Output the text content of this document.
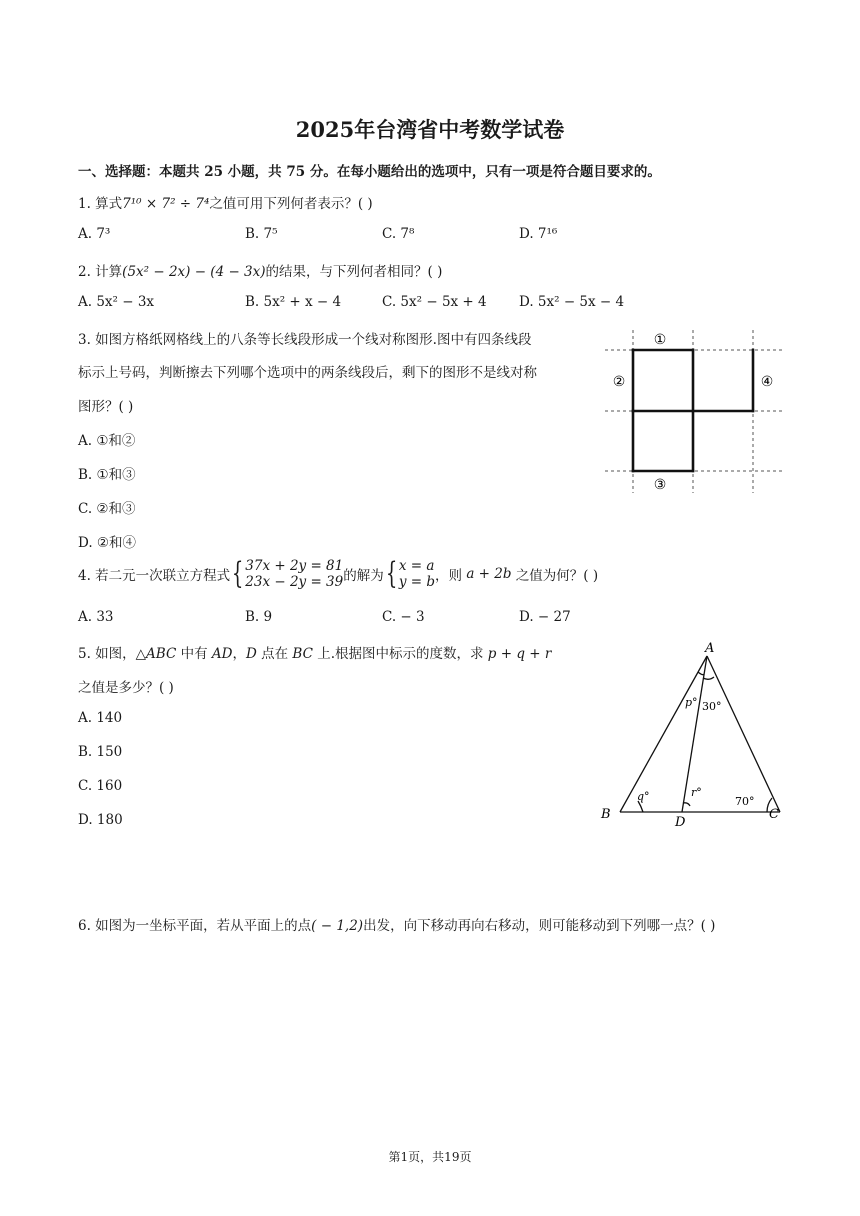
2025年台湾省中考数学试卷
一、选择题：本题共 25 小题，共 75 分。在每小题给出的选项中，只有一项是符合题目要求的。
1. 算式7¹⁰ × 7² ÷ 7⁴之值可用下列何者表示？( )
A. 7³	B. 7⁵	C. 7⁸	D. 7¹⁶
2. 计算(5x² − 2x) − (4 − 3x)的结果，与下列何者相同？( )
A. 5x² − 3x	B. 5x² + x − 4	C. 5x² − 5x + 4 D. 5x² − 5x − 4
3. 如图方格纸网格线上的八条等长线段形成一个线对称图形.图中有四条线段
标示上号码，判断擦去下列哪个选项中的两条线段后，剩下的图形不是线对称
图形？( )
A. ①和②
B. ①和③
C. ②和③
D. ②和④
①
②
③
④
4. 若二元一次联立方程式{ 37x + 2y = 81
23x − 2y = 39的解为{ x = a
y = b，则 a + 2b 之值为何？( )
A. 33	B. 9	C. − 3	D. − 27
5. 如图，△ABC 中有 AD，D 点在 BC 上.根据图中标示的度数，求 p + q + r
之值是多少？( )
A. 140
B. 150
C. 160
D. 180
A
B	C
D
p° 30°
q°	r°
70°
6. 如图为一坐标平面，若从平面上的点( − 1,2)出发，向下移动再向右移动，则可能移动到下列哪一点？( )
第1页，共19页
